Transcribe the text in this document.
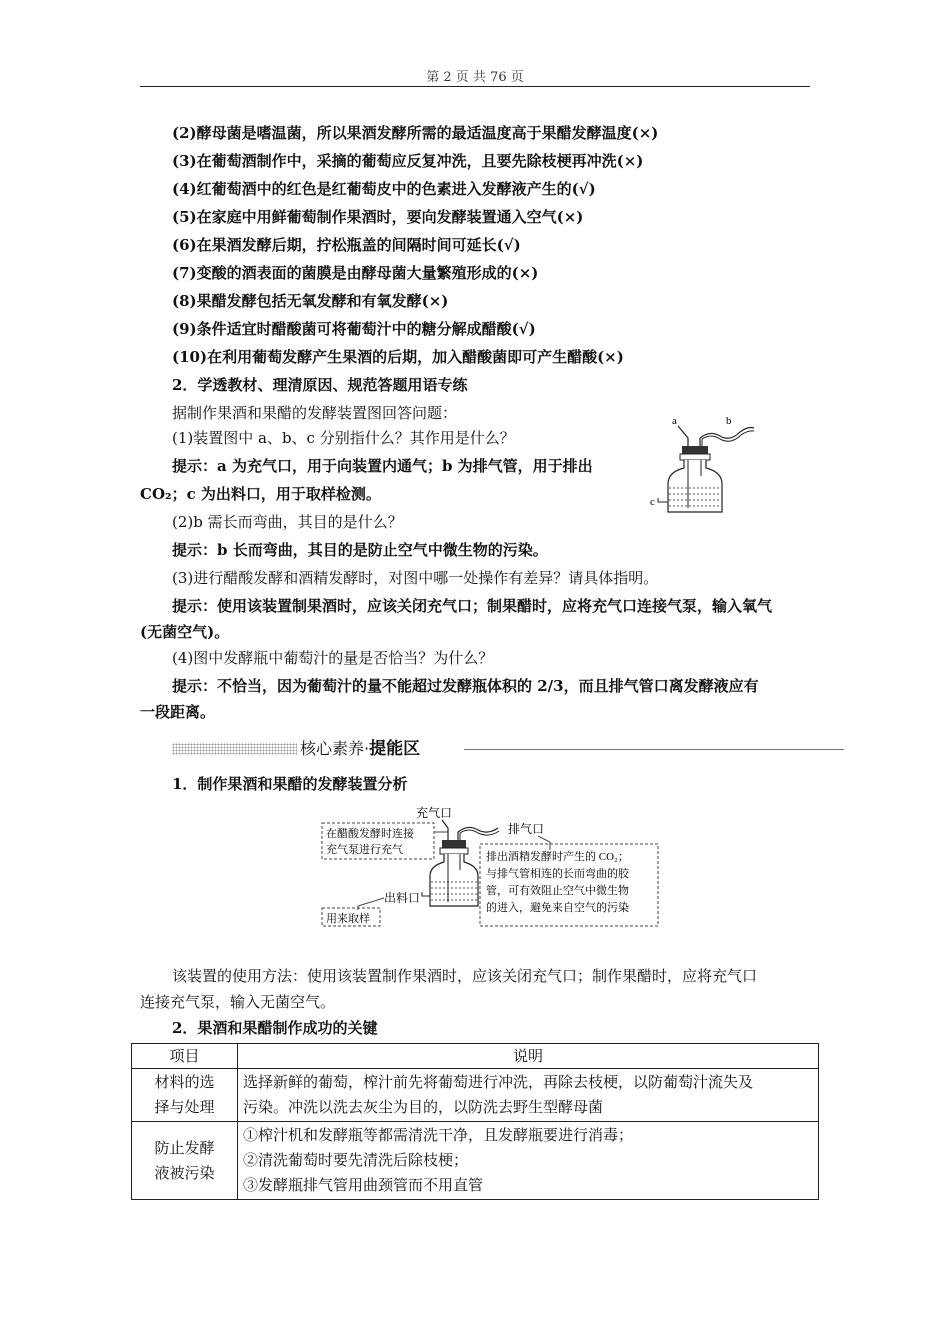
第 2 页 共 76 页
(2)酵母菌是嗜温菌，所以果酒发酵所需的最适温度高于果醋发酵温度(×)
(3)在葡萄酒制作中，采摘的葡萄应反复冲洗，且要先除枝梗再冲洗(×)
(4)红葡萄酒中的红色是红葡萄皮中的色素进入发酵液产生的(√)
(5)在家庭中用鲜葡萄制作果酒时，要向发酵装置通入空气(×)
(6)在果酒发酵后期，拧松瓶盖的间隔时间可延长(√)
(7)变酸的酒表面的菌膜是由酵母菌大量繁殖形成的(×)
(8)果醋发酵包括无氧发酵和有氧发酵(×)
(9)条件适宜时醋酸菌可将葡萄汁中的糖分解成醋酸(√)
(10)在利用葡萄发酵产生果酒的后期，加入醋酸菌即可产生醋酸(×)
2．学透教材、理清原因、规范答题用语专练
据制作果酒和果醋的发酵装置图回答问题：
(1)装置图中 a、b、c 分别指什么？其作用是什么？
提示：a 为充气口，用于向装置内通气；b 为排气管，用于排出
CO₂；c 为出料口，用于取样检测。
(2)b 需长而弯曲，其目的是什么？
提示：b 长而弯曲，其目的是防止空气中微生物的污染。
(3)进行醋酸发酵和酒精发酵时，对图中哪一处操作有差异？请具体指明。
提示：使用该装置制果酒时，应该关闭充气口；制果醋时，应将充气口连接气泵，输入氧气
(无菌空气)。
(4)图中发酵瓶中葡萄汁的量是否恰当？为什么？
提示：不恰当，因为葡萄汁的量不能超过发酵瓶体积的 2/3，而且排气管口离发酵液应有
一段距离。
a	b
c
核心素养·提能区
1．制作果酒和果醋的发酵装置分析
在醋酸发酵时连接
充气泵进行充气
充气口
排气口
排出酒精发酵时产生的 CO₂；
与排气管相连的长而弯曲的胶
管，可有效阻止空气中微生物
的进入，避免来自空气的污染
出料口
用来取样
该装置的使用方法：使用该装置制作果酒时，应该关闭充气口；制作果醋时，应将充气口
连接充气泵，输入无菌空气。
2．果酒和果醋制作成功的关键
项目	说明

材料的选
择与处理	选择新鲜的葡萄，榨汁前先将葡萄进行冲洗，再除去枝梗，以防葡萄汁流失及
污染。冲洗以洗去灰尘为目的，以防洗去野生型酵母菌

防止发酵
液被污染	①榨汁机和发酵瓶等都需清洗干净，且发酵瓶要进行消毒；
②清洗葡萄时要先清洗后除枝梗；
③发酵瓶排气管用曲颈管而不用直管
